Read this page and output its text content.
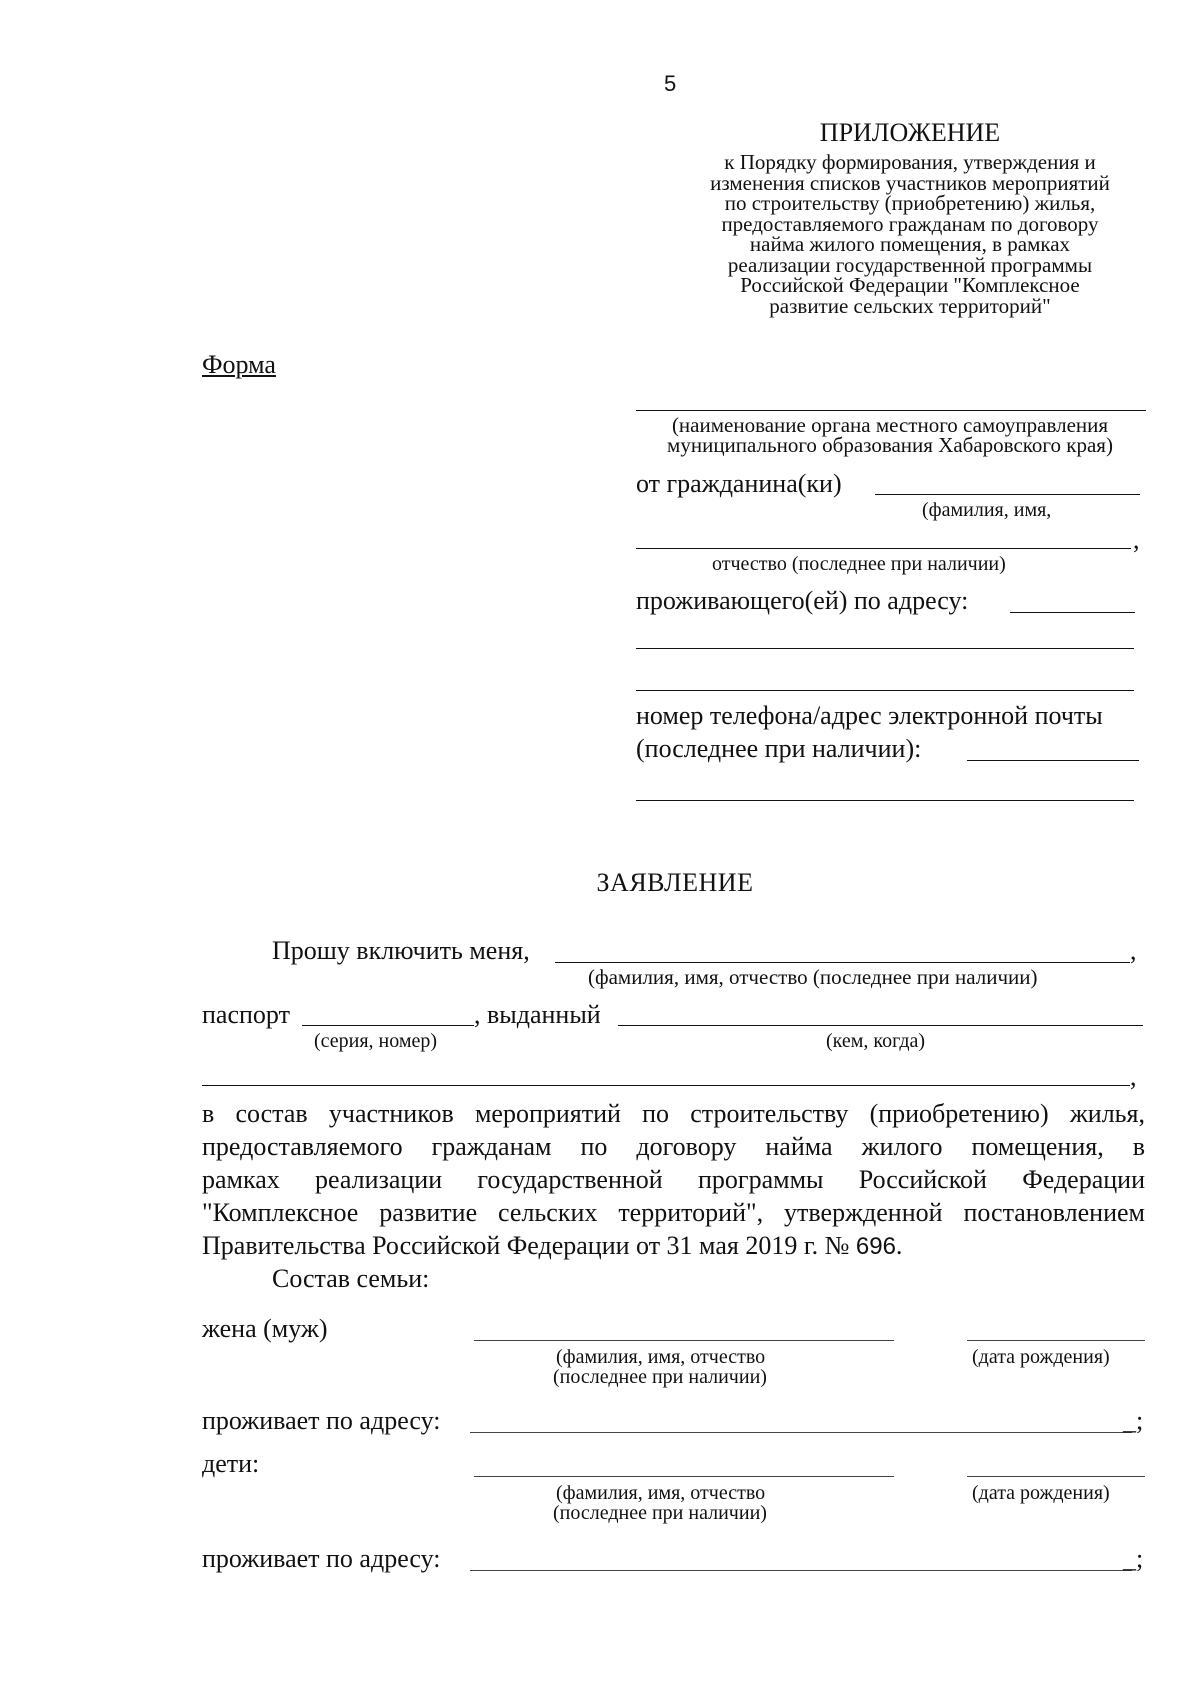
5
ПРИЛОЖЕНИЕ
к Порядку формирования, утверждения и
изменения списков участников мероприятий
по строительству (приобретению) жилья,
предоставляемого гражданам по договору
найма жилого помещения, в рамках
реализации государственной программы
Российской Федерации "Комплексное
развитие сельских территорий"
Форма
(наименование органа местного самоуправления
муниципального образования Хабаровского края)
от гражданина(ки)
(фамилия, имя,
,
отчество (последнее при наличии)
проживающего(ей) по адресу:
номер телефона/адрес электронной почты
(последнее при наличии):
ЗАЯВЛЕНИЕ
Прошу включить меня,	,
(фамилия, имя, отчество (последнее при наличии)
паспорт	, выданный
(серия, номер)	(кем, когда)
,
в состав участников мероприятий по строительству (приобретению) жилья,
предоставляемого гражданам по договору найма жилого помещения, в
рамках реализации государственной программы Российской Федерации
"Комплексное развитие сельских территорий", утвержденной постановлением
Правительства Российской Федерации от 31 мая 2019 г. № 696.
Состав семьи:
жена (муж)
(фамилия, имя, отчество
(последнее при наличии)
(дата рождения)
проживает по адресу:	_;
дети:
(фамилия, имя, отчество
(последнее при наличии)
(дата рождения)
проживает по адресу:	_;
